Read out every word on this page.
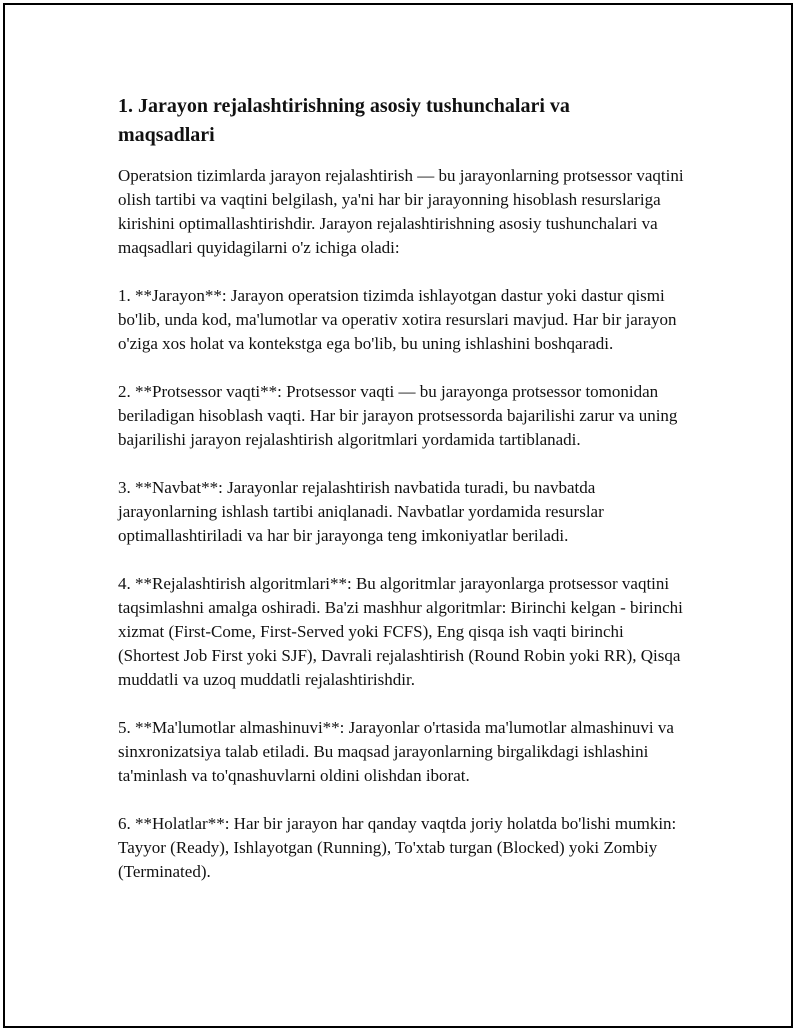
1. Jarayon rejalashtirishning asosiy tushunchalari va maqsadlari

Operatsion tizimlarda jarayon rejalashtirish — bu jarayonlarning protsessor vaqtini olish tartibi va vaqtini belgilash, ya'ni har bir jarayonning hisoblash resurslariga kirishini optimallashtirishdir. Jarayon rejalashtirishning asosiy tushunchalari va maqsadlari quyidagilarni o'z ichiga oladi:

1. **Jarayon**: Jarayon operatsion tizimda ishlayotgan dastur yoki dastur qismi bo'lib, unda kod, ma'lumotlar va operativ xotira resurslari mavjud. Har bir jarayon o'ziga xos holat va kontekstga ega bo'lib, bu uning ishlashini boshqaradi.

2. **Protsessor vaqti**: Protsessor vaqti — bu jarayonga protsessor tomonidan beriladigan hisoblash vaqti. Har bir jarayon protsessorda bajarilishi zarur va uning bajarilishi jarayon rejalashtirish algoritmlari yordamida tartiblanadi.

3. **Navbat**: Jarayonlar rejalashtirish navbatida turadi, bu navbatda jarayonlarning ishlash tartibi aniqlanadi. Navbatlar yordamida resurslar optimallashtiriladi va har bir jarayonga teng imkoniyatlar beriladi.

4. **Rejalashtirish algoritmlari**: Bu algoritmlar jarayonlarga protsessor vaqtini taqsimlashni amalga oshiradi. Ba'zi mashhur algoritmlar: Birinchi kelgan - birinchi xizmat (First-Come, First-Served yoki FCFS), Eng qisqa ish vaqti birinchi (Shortest Job First yoki SJF), Davrali rejalashtirish (Round Robin yoki RR), Qisqa muddatli va uzoq muddatli rejalashtirishdir.

5. **Ma'lumotlar almashinuvi**: Jarayonlar o'rtasida ma'lumotlar almashinuvi va sinxronizatsiya talab etiladi. Bu maqsad jarayonlarning birgalikdagi ishlashini ta'minlash va to'qnashuvlarni oldini olishdan iborat.

6. **Holatlar**: Har bir jarayon har qanday vaqtda joriy holatda bo'lishi mumkin: Tayyor (Ready), Ishlayotgan (Running), To'xtab turgan (Blocked) yoki Zombiy (Terminated).
